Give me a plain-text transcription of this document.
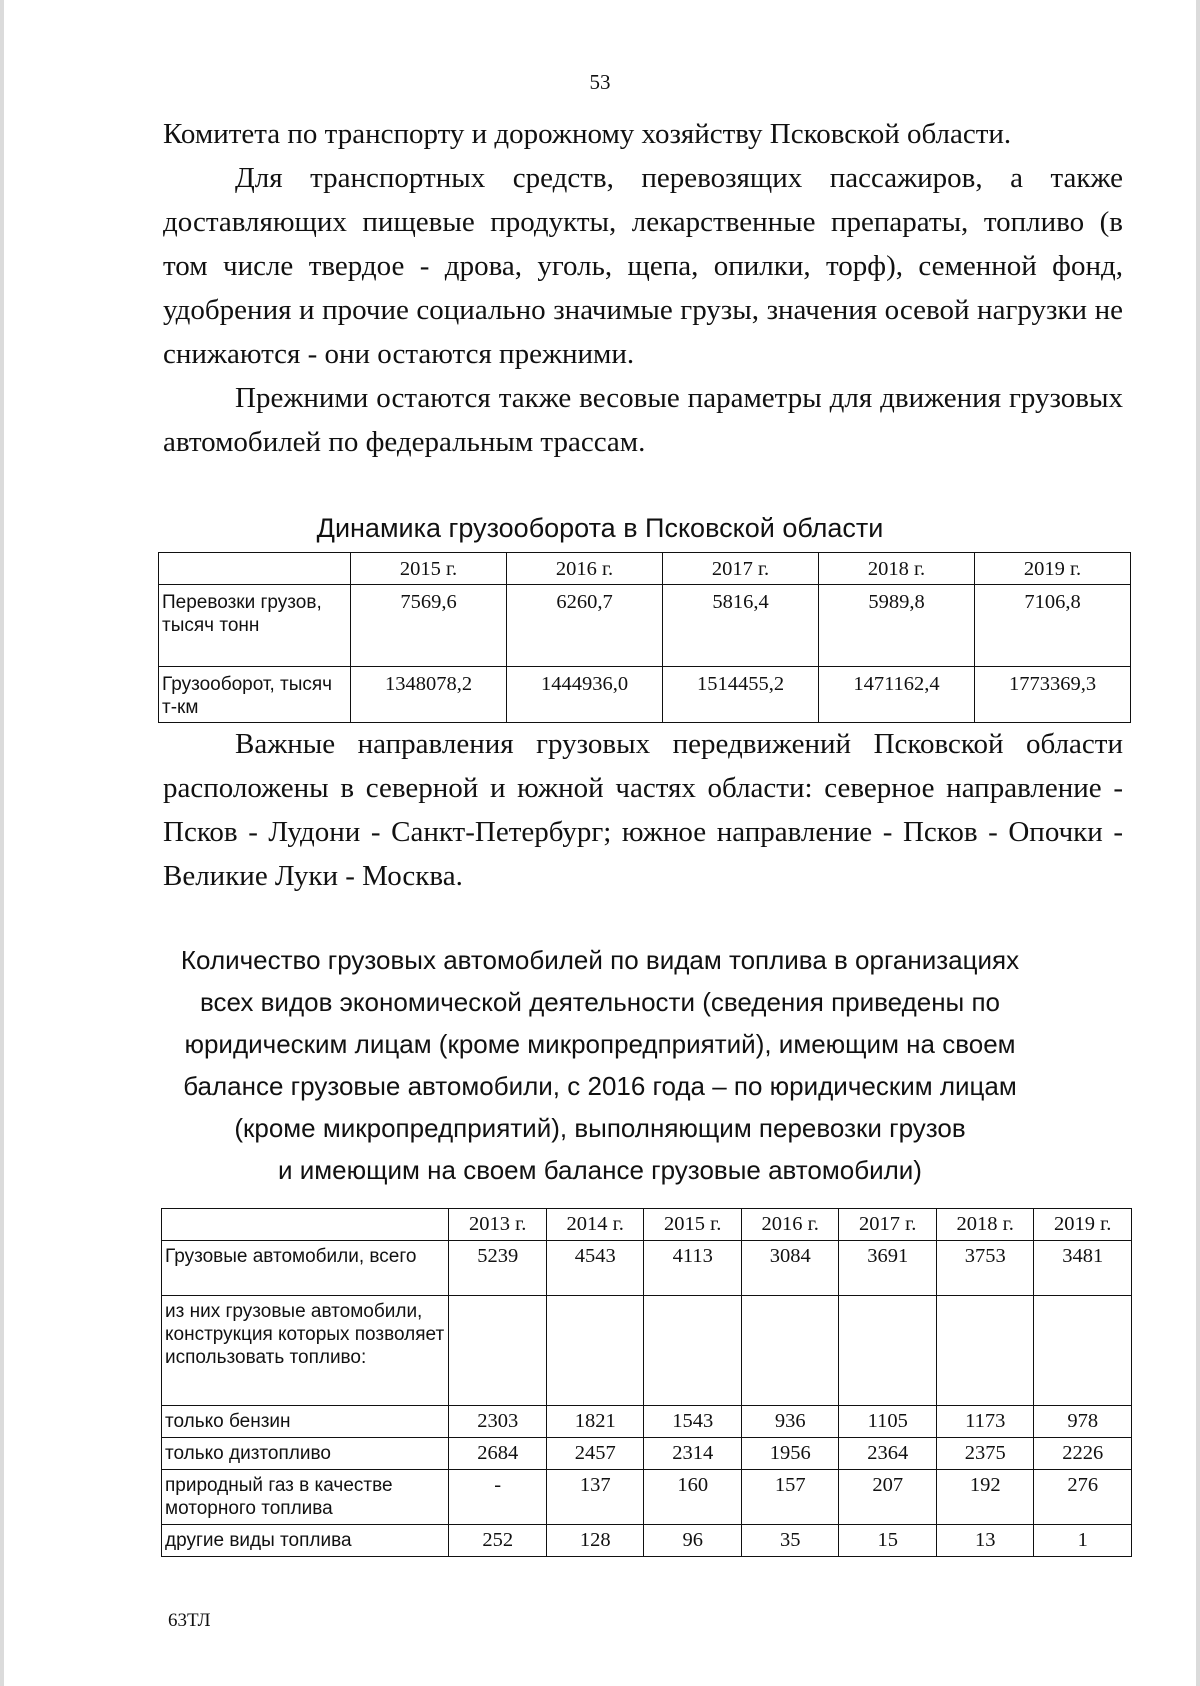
53
Комитета по транспорту и дорожному хозяйству Псковской области.
Для транспортных средств, перевозящих пассажиров, а также доставляющих пищевые продукты, лекарственные препараты, топливо (в том числе твердое - дрова, уголь, щепа, опилки, торф), семенной фонд, удобрения и прочие социально значимые грузы, значения осевой нагрузки не снижаются - они остаются прежними.
Прежними остаются также весовые параметры для движения грузовых автомобилей по федеральным трассам.
Динамика грузооборота в Псковской области
	2015 г.	2016 г.	2017 г.	2018 г.	2019 г.
Перевозки грузов, тысяч тонн	7569,6	6260,7	5816,4	5989,8	7106,8
Грузооборот, тысяч т-км	1348078,2	1444936,0	1514455,2	1471162,4	1773369,3
Важные направления грузовых передвижений Псковской области расположены в северной и южной частях области: северное направление - Псков - Лудони - Санкт-Петербург; южное направление - Псков - Опочки - Великие Луки - Москва.
Количество грузовых автомобилей по видам топлива в организациях
всех видов экономической деятельности (сведения приведены по
юридическим лицам (кроме микропредприятий), имеющим на своем
балансе грузовые автомобили, с 2016 года – по юридическим лицам
(кроме микропредприятий), выполняющим перевозки грузов
и имеющим на своем балансе грузовые автомобили)
	2013 г.	2014 г.	2015 г.	2016 г.	2017 г.	2018 г.	2019 г.
Грузовые автомобили, всего	5239	4543	4113	3084	3691	3753	3481
из них грузовые автомобили, конструкция которых позволяет использовать топливо:							
только бензин	2303	1821	1543	936	1105	1173	978
только дизтопливо	2684	2457	2314	1956	2364	2375	2226
природный газ в качестве моторного топлива	-	137	160	157	207	192	276
другие виды топлива	252	128	96	35	15	13	1
63ТЛ
